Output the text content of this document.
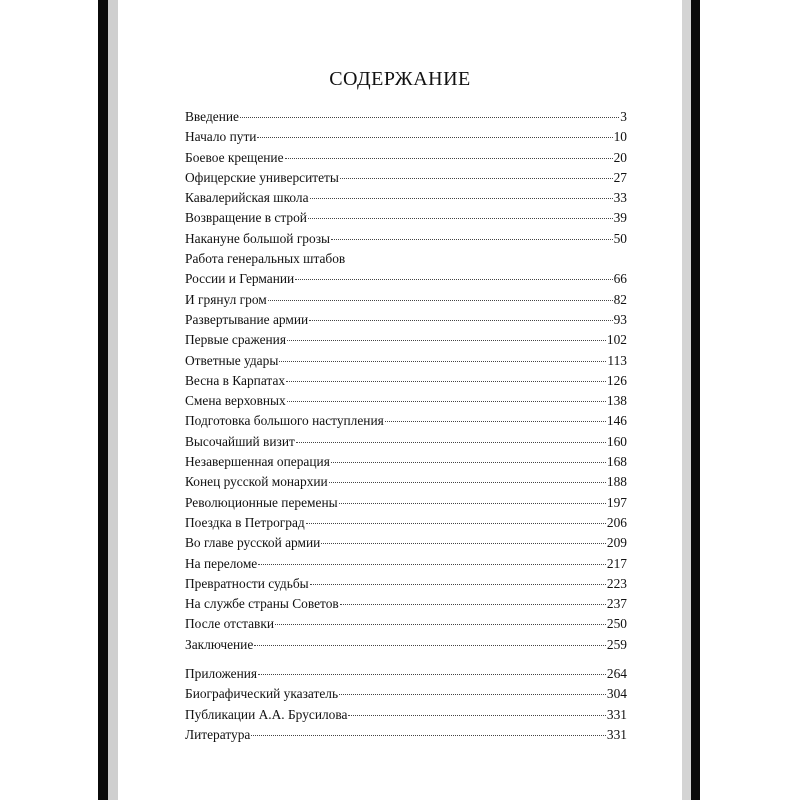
СОДЕРЖАНИЕ
Введение	3
Начало пути	10
Боевое крещение	20
Офицерские университеты	27
Кавалерийская школа	33
Возвращение в строй	39
Накануне большой грозы	50
Работа генеральных штабов
России и Германии	66
И грянул гром	82
Развертывание армии	93
Первые сражения	102
Ответные удары	113
Весна в Карпатах	126
Смена верховных	138
Подготовка большого наступления	146
Высочайший визит	160
Незавершенная операция	168
Конец русской монархии	188
Революционные перемены	197
Поездка в Петроград	206
Во главе русской армии	209
На переломе	217
Превратности судьбы	223
На службе страны Советов	237
После отставки	250
Заключение	259
Приложения	264
Биографический указатель	304
Публикации А.А. Брусилова	331
Литература	331
